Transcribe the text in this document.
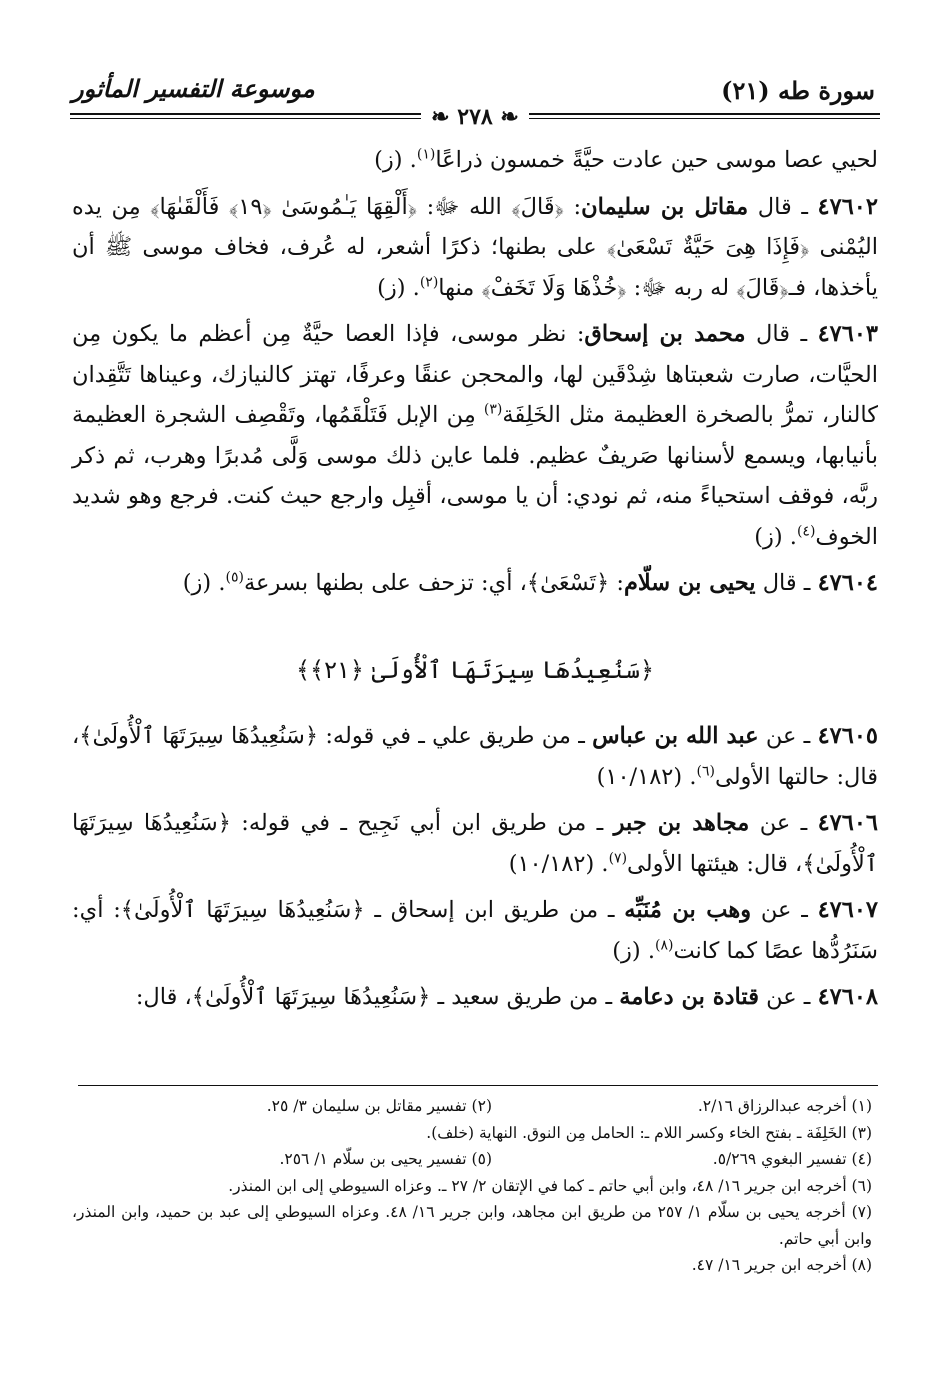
سورة طه (٢١)
موسوعة التفسير المأثور
❧ ٢٧٨ ❧

لحيي عصا موسى حين عادت حيَّةً خمسون ذراعًا$^{(١)}$. (ز)

٤٧٦٠٢ ـ قال مقاتل بن سليمان: ﴿قَالَ﴾ الله ﷻ: ﴿أَلْقِهَا يَـٰمُوسَىٰ ﴿١٩﴾ فَأَلْقَىٰهَا﴾ مِن يده اليُمْنى ﴿فَإِذَا هِىَ حَيَّةٌ تَسْعَىٰ﴾ على بطنها؛ ذكرًا أشعر، له عُرف، فخاف موسى ﷺ أن يأخذها، فـ﴿قَالَ﴾ له ربه ﷻ: ﴿خُذْهَا وَلَا تَخَفْ﴾ منها$^{(٢)}$. (ز)

٤٧٦٠٣ ـ قال محمد بن إسحاق: نظر موسى، فإذا العصا حيَّةٌ مِن أعظم ما يكون مِن الحيَّات، صارت شعبتاها شِدْقَين لها، والمحجن عنقًا وعرفًا، تهتز كالنيازك، وعيناها تَتَّقِدان كالنار، تمرُّ بالصخرة العظيمة مثل الخَلِفَة$^{(٣)}$ مِن الإبل فَتَلْقَمُها، وتَقْصِف الشجرة العظيمة بأنيابها، ويسمع لأسنانها صَريفٌ عظيم. فلما عاين ذلك موسى وَلَّى مُدبرًا وهرب، ثم ذكر ربَّه، فوقف استحياءً منه، ثم نودي: أن يا موسى، أقبِل وارجع حيث كنت. فرجع وهو شديد الخوف$^{(٤)}$. (ز)

٤٧٦٠٤ ـ قال يحيى بن سلّام: ﴿تَسْعَىٰ﴾، أي: تزحف على بطنها بسرعة$^{(٥)}$. (ز)

﴿سَنُعِيدُهَا سِيرَتَهَا ٱلْأُولَىٰ ﴿٢١﴾﴾

٤٧٦٠٥ ـ عن عبد الله بن عباس ـ من طريق علي ـ في قوله: ﴿سَنُعِيدُهَا سِيرَتَهَا ٱلْأُولَىٰ﴾، قال: حالتها الأولى$^{(٦)}$. (١٠/١٨٢)

٤٧٦٠٦ ـ عن مجاهد بن جبر ـ من طريق ابن أبي نَجِيح ـ في قوله: ﴿سَنُعِيدُهَا سِيرَتَهَا ٱلْأُولَىٰ﴾، قال: هيئتها الأولى$^{(٧)}$. (١٠/١٨٢)

٤٧٦٠٧ ـ عن وهب بن مُنَبِّه ـ من طريق ابن إسحاق ـ ﴿سَنُعِيدُهَا سِيرَتَهَا ٱلْأُولَىٰ﴾: أي: سَنَرُدُّها عصًا كما كانت$^{(٨)}$. (ز)

٤٧٦٠٨ ـ عن قتادة بن دعامة ـ من طريق سعيد ـ ﴿سَنُعِيدُهَا سِيرَتَهَا ٱلْأُولَىٰ﴾، قال:

(١) أخرجه عبدالرزاق ٢/١٦.
(٢) تفسير مقاتل بن سليمان ٣/ ٢٥.

(٣) الخَلِفَة ـ بفتح الخاء وكسر اللام ـ: الحامل مِن النوق. النهاية (خلف).

(٤) تفسير البغوي ٥/٢٦٩.
(٥) تفسير يحيى بن سلّام ١/ ٢٥٦.

(٦) أخرجه ابن جرير ١٦/ ٤٨، وابن أبي حاتم ـ كما في الإتقان ٢/ ٢٧ ـ. وعزاه السيوطي إلى ابن المنذر.

(٧) أخرجه يحيى بن سلّام ١/ ٢٥٧ من طريق ابن مجاهد، وابن جرير ١٦/ ٤٨. وعزاه السيوطي إلى عبد بن حميد، وابن المنذر، وابن أبي حاتم.

(٨) أخرجه ابن جرير ١٦/ ٤٧.
